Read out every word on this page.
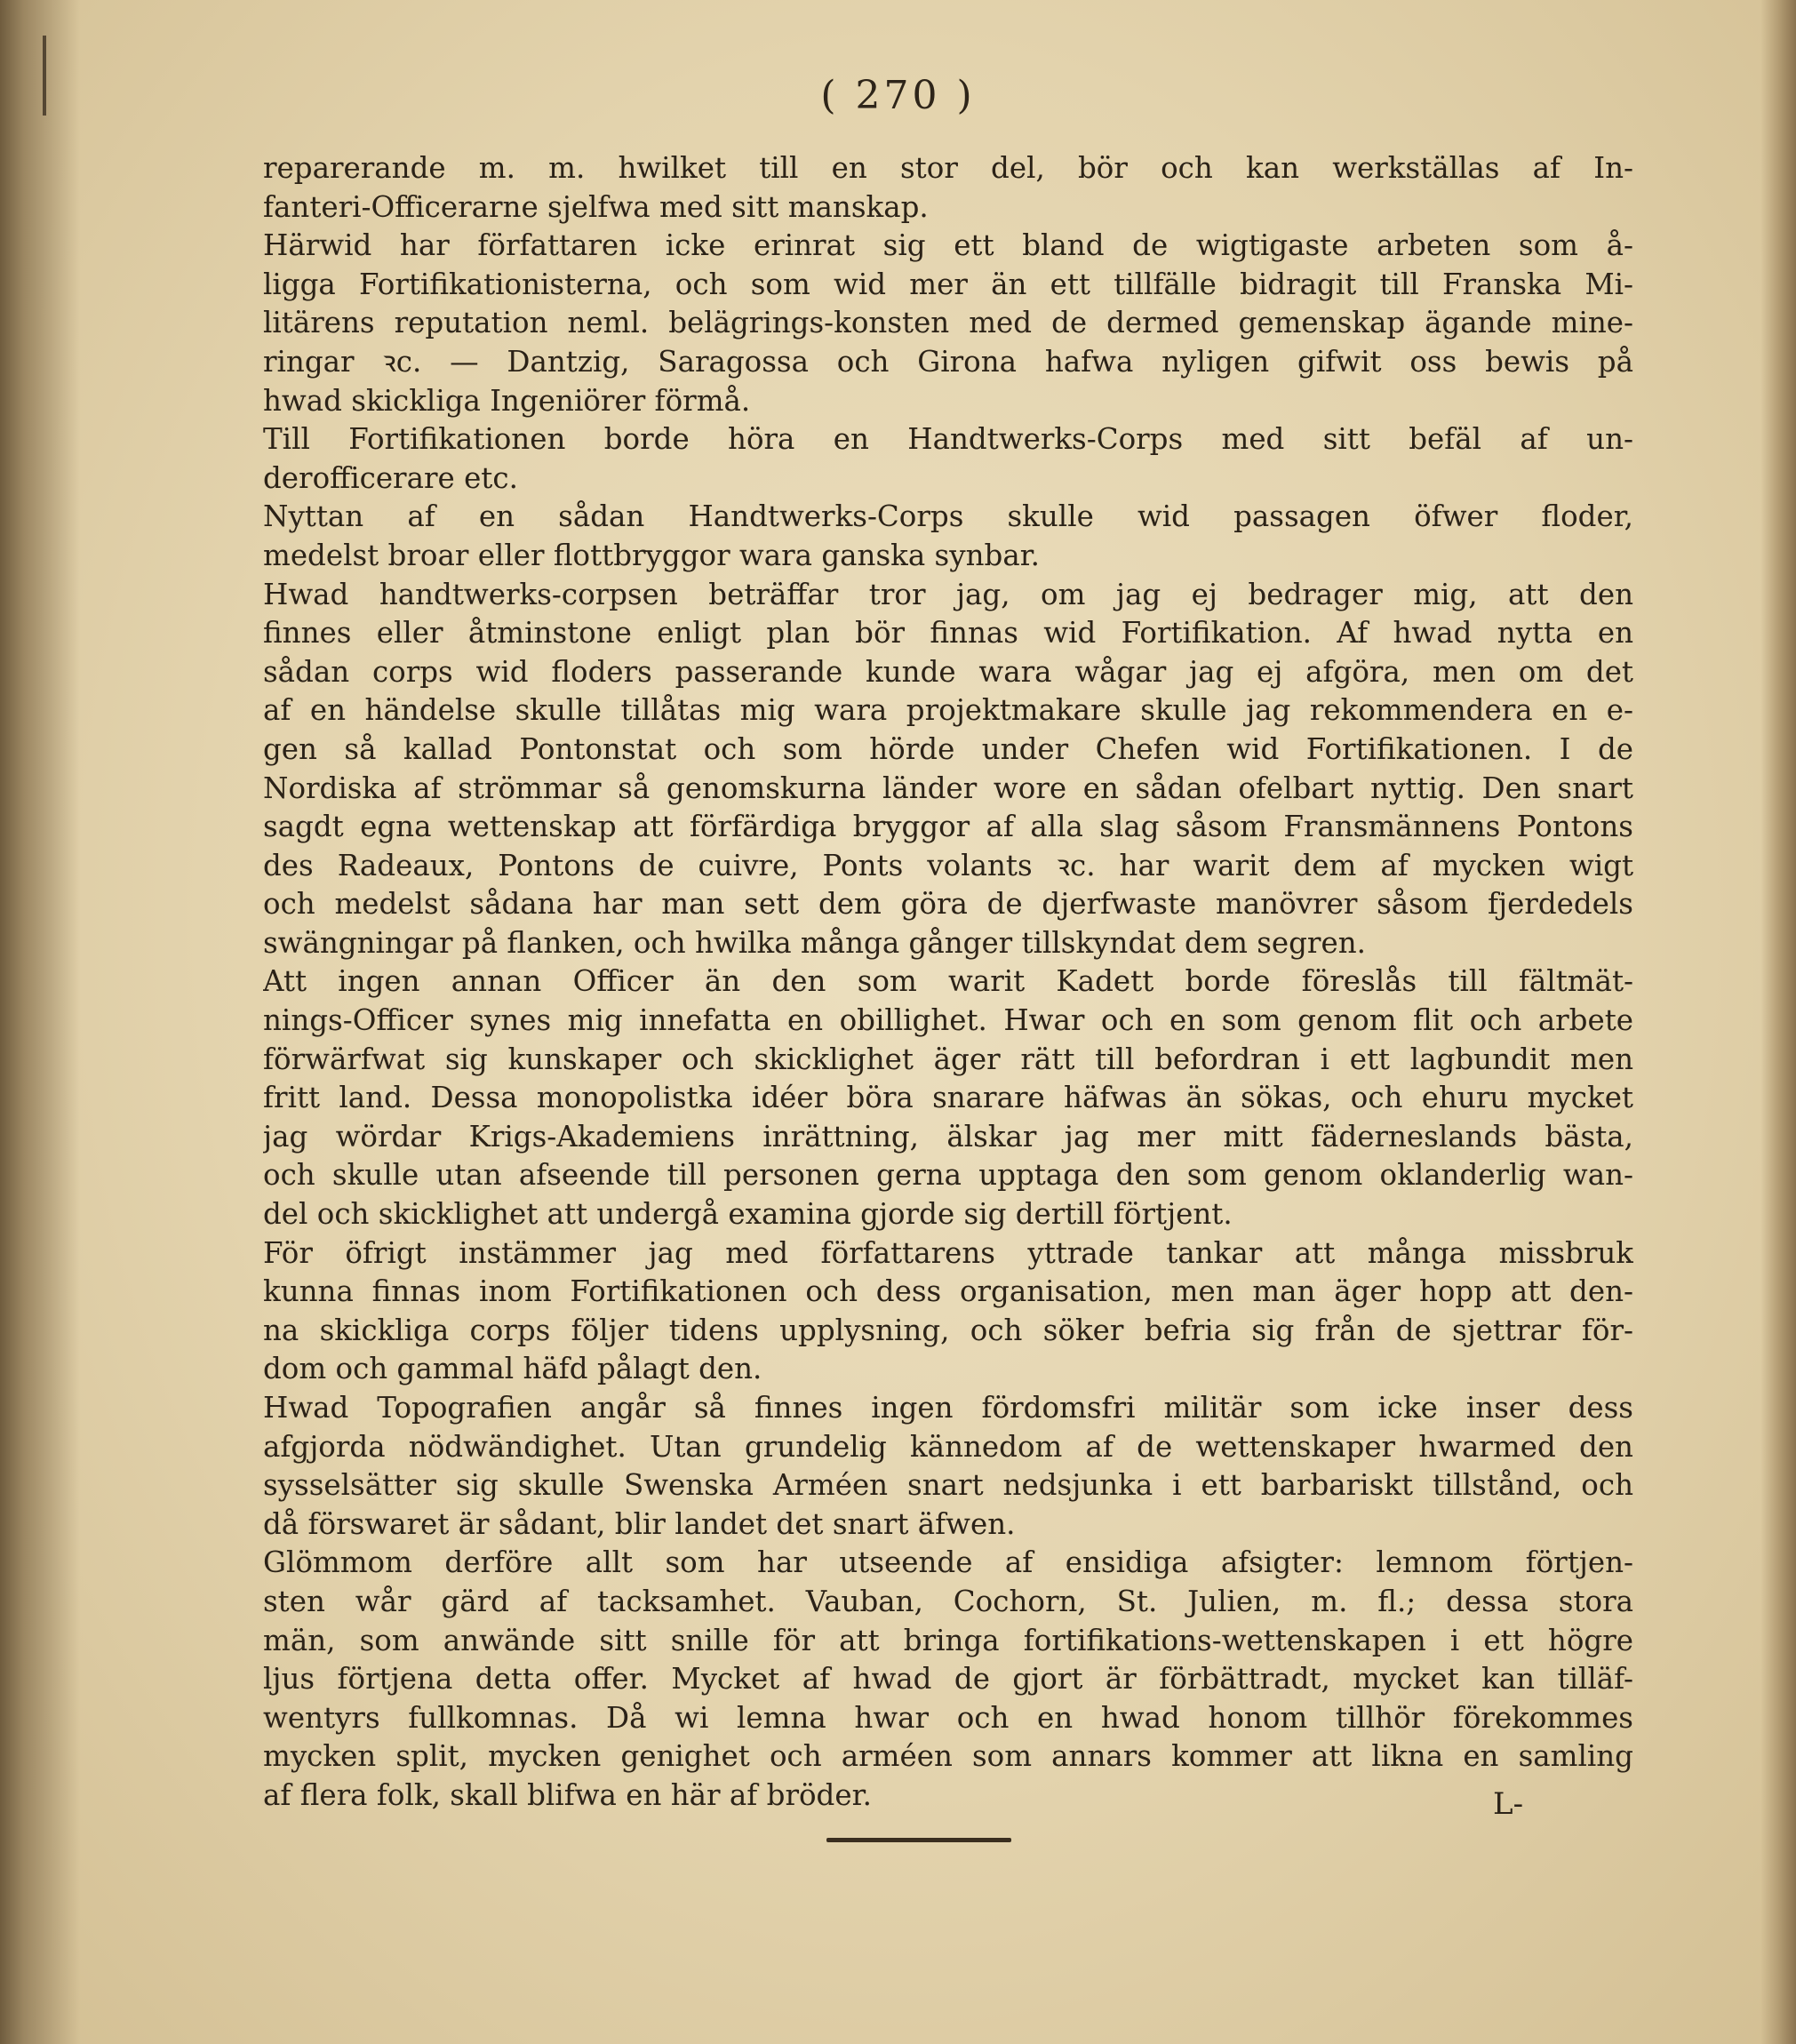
( 270 )
reparerande m. m. hwilket till en stor del, bör och kan werkställas af In-
fanteri-Officerarne sjelfwa med sitt manskap.
Härwid har författaren icke erinrat sig ett bland de wigtigaste arbeten som å-
ligga Fortifikationisterna, och som wid mer än ett tillfälle bidragit till Franska Mi-
litärens reputation neml. belägrings-konsten med de dermed gemenskap ägande mine-
ringar ꝛc. — Dantzig, Saragossa och Girona hafwa nyligen gifwit oss bewis på
hwad skickliga Ingeniörer förmå.
Till Fortifikationen borde höra en Handtwerks-Corps med sitt befäl af un-
derofficerare etc.
Nyttan af en sådan Handtwerks-Corps skulle wid passagen öfwer floder,
medelst broar eller flottbryggor wara ganska synbar.
Hwad handtwerks-corpsen beträffar tror jag, om jag ej bedrager mig, att den
finnes eller åtminstone enligt plan bör finnas wid Fortifikation. Af hwad nytta en
sådan corps wid floders passerande kunde wara wågar jag ej afgöra, men om det
af en händelse skulle tillåtas mig wara projektmakare skulle jag rekommendera en e-
gen så kallad Pontonstat och som hörde under Chefen wid Fortifikationen. I de
Nordiska af strömmar så genomskurna länder wore en sådan ofelbart nyttig. Den snart
sagdt egna wettenskap att förfärdiga bryggor af alla slag såsom Fransmännens Pontons
des Radeaux, Pontons de cuivre, Ponts volants ꝛc. har warit dem af mycken wigt
och medelst sådana har man sett dem göra de djerfwaste manövrer såsom fjerdedels
swängningar på flanken, och hwilka många gånger tillskyndat dem segren.
Att ingen annan Officer än den som warit Kadett borde föreslås till fältmät-
nings-Officer synes mig innefatta en obillighet. Hwar och en som genom flit och arbete
förwärfwat sig kunskaper och skicklighet äger rätt till befordran i ett lagbundit men
fritt land. Dessa monopolistka idéer böra snarare häfwas än sökas, och ehuru mycket
jag wördar Krigs-Akademiens inrättning, älskar jag mer mitt fäderneslands bästa,
och skulle utan afseende till personen gerna upptaga den som genom oklanderlig wan-
del och skicklighet att undergå examina gjorde sig dertill förtjent.
För öfrigt instämmer jag med författarens yttrade tankar att många missbruk
kunna finnas inom Fortifikationen och dess organisation, men man äger hopp att den-
na skickliga corps följer tidens upplysning, och söker befria sig från de sjettrar för-
dom och gammal häfd pålagt den.
Hwad Topografien angår så finnes ingen fördomsfri militär som icke inser dess
afgjorda nödwändighet. Utan grundelig kännedom af de wettenskaper hwarmed den
sysselsätter sig skulle Swenska Arméen snart nedsjunka i ett barbariskt tillstånd, och
då förswaret är sådant, blir landet det snart äfwen.
Glömmom derföre allt som har utseende af ensidiga afsigter: lemnom förtjen-
sten wår gärd af tacksamhet. Vauban, Cochorn, St. Julien, m. fl.; dessa stora
män, som anwände sitt snille för att bringa fortifikations-wettenskapen i ett högre
ljus förtjena detta offer. Mycket af hwad de gjort är förbättradt, mycket kan tilläf-
wentyrs fullkomnas. Då wi lemna hwar och en hwad honom tillhör förekommes
mycken split, mycken genighet och arméen som annars kommer att likna en samling
af flera folk, skall blifwa en här af bröder.	L-
